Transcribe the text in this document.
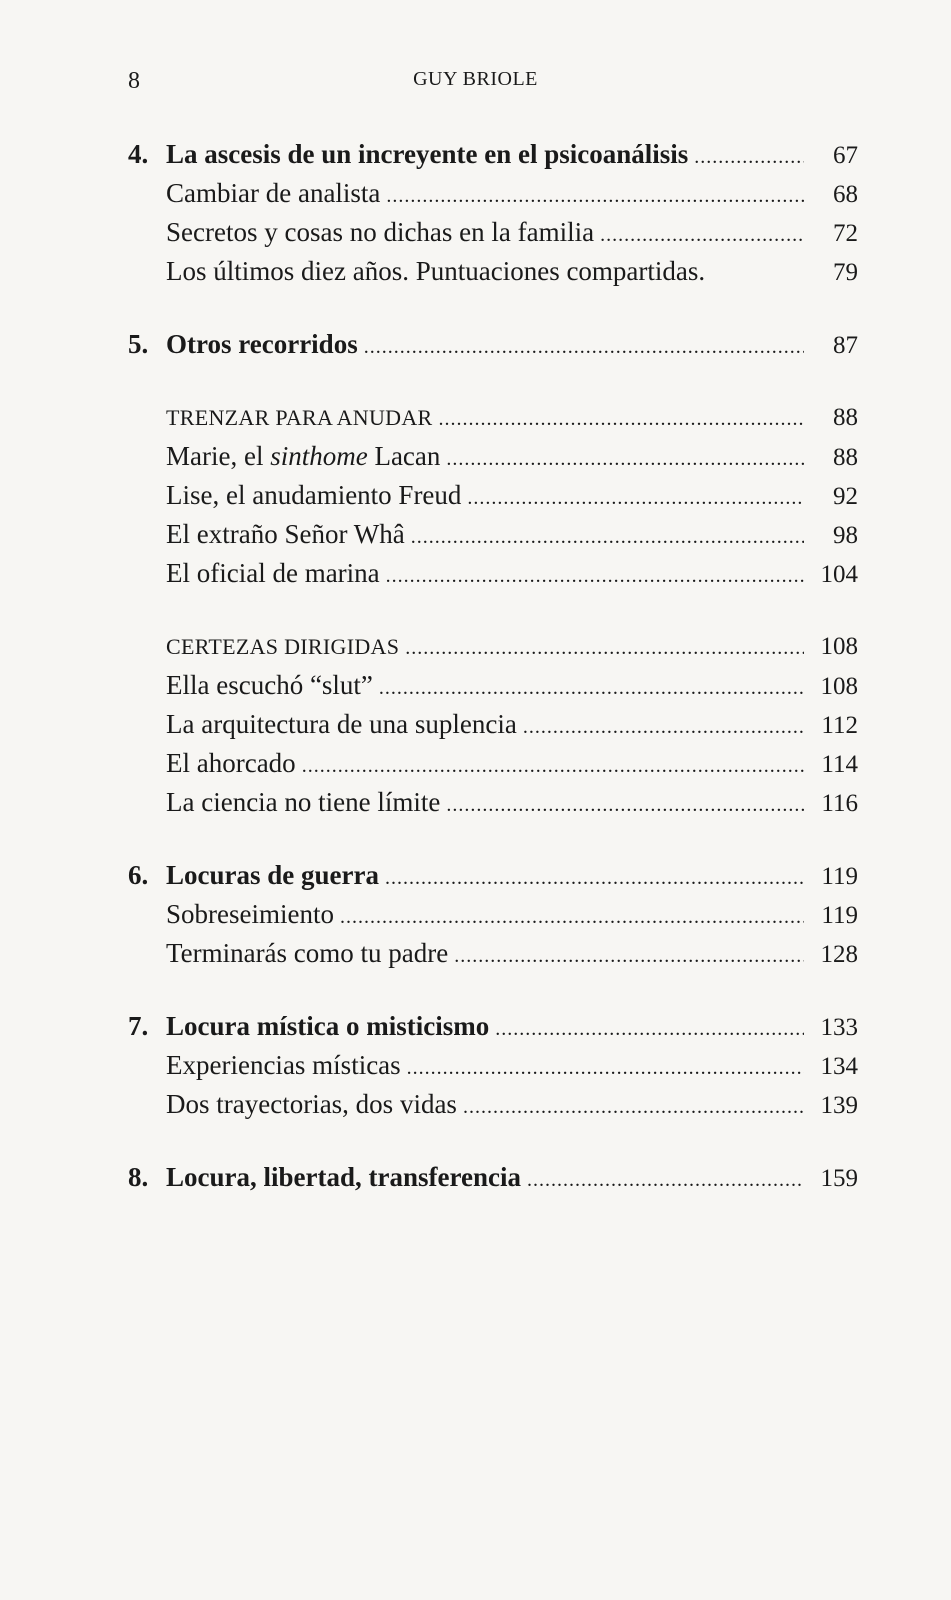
8	GUY BRIOLE
4. La ascesis de un increyente en el psicoanálisis .....	67
Cambiar de analista .....	68
Secretos y cosas no dichas en la familia .....	72
Los últimos diez años. Puntuaciones compartidas.	79
5. Otros recorridos .....	87
TRENZAR PARA ANUDAR .....	88
Marie, el sinthome Lacan .....	88
Lise, el anudamiento Freud .....	92
El extraño Señor Whâ .....	98
El oficial de marina .....	104
CERTEZAS DIRIGIDAS .....	108
Ella escuchó “slut” .....	108
La arquitectura de una suplencia .....	112
El ahorcado .....	114
La ciencia no tiene límite .....	116
6. Locuras de guerra .....	119
Sobreseimiento .....	119
Terminarás como tu padre .....	128
7. Locura mística o misticismo .....	133
Experiencias místicas .....	134
Dos trayectorias, dos vidas .....	139
8. Locura, libertad, transferencia .....	159
